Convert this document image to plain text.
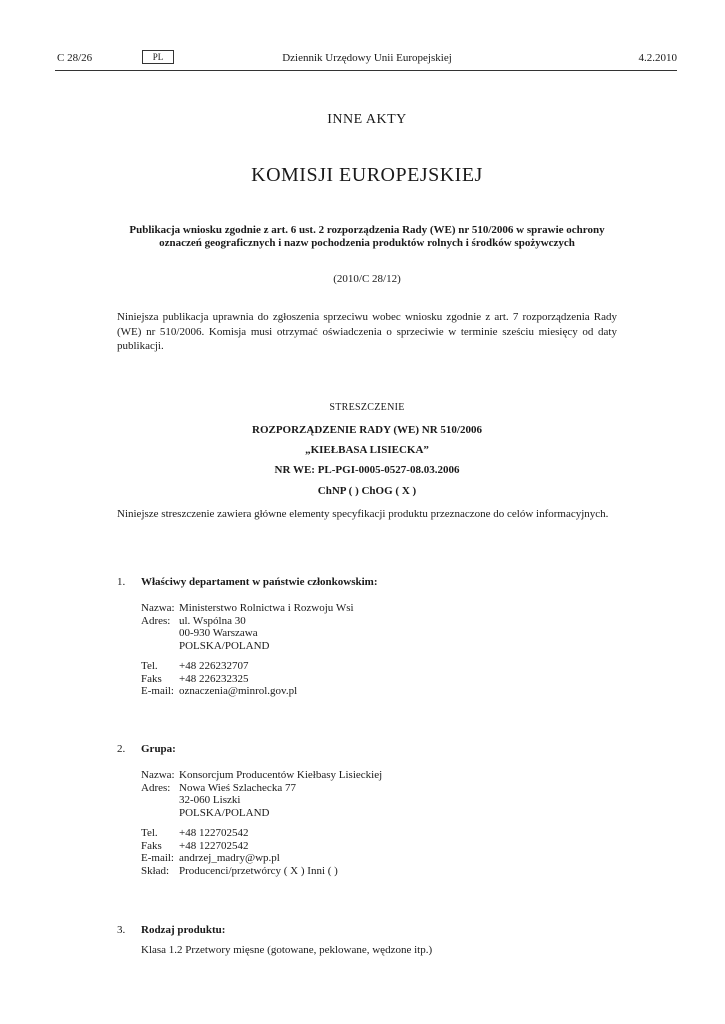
C 28/26	PL	Dziennik Urzędowy Unii Europejskiej	4.2.2010
INNE AKTY
KOMISJI EUROPEJSKIEJ
Publikacja wniosku zgodnie z art. 6 ust. 2 rozporządzenia Rady (WE) nr 510/2006 w sprawie ochrony oznaczeń geograficznych i nazw pochodzenia produktów rolnych i środków spożywczych
(2010/C 28/12)
Niniejsza publikacja uprawnia do zgłoszenia sprzeciwu wobec wniosku zgodnie z art. 7 rozporządzenia Rady (WE) nr 510/2006. Komisja musi otrzymać oświadczenia o sprzeciwie w terminie sześciu miesięcy od daty publikacji.
STRESZCZENIE
ROZPORZĄDZENIE RADY (WE) NR 510/2006
„KIEŁBASA LISIECKA”
NR WE: PL-PGI-0005-0527-08.03.2006
ChNP ( ) ChOG ( X )
Niniejsze streszczenie zawiera główne elementy specyfikacji produktu przeznaczone do celów informacyjnych.
1. Właściwy departament w państwie członkowskim:
Nazwa: Ministerstwo Rolnictwa i Rozwoju Wsi
Adres: ul. Wspólna 30
00-930 Warszawa
POLSKA/POLAND
Tel.	+48 226232707
Faks	+48 226232325
E-mail: oznaczenia@minrol.gov.pl
2. Grupa:
Nazwa: Konsorcjum Producentów Kiełbasy Lisieckiej
Adres: Nowa Wieś Szlachecka 77
32-060 Liszki
POLSKA/POLAND
Tel.	+48 122702542
Faks	+48 122702542
E-mail: andrzej_madry@wp.pl
Skład: Producenci/przetwórcy ( X ) Inni ( )
3. Rodzaj produktu:
Klasa 1.2 Przetwory mięsne (gotowane, peklowane, wędzone itp.)
